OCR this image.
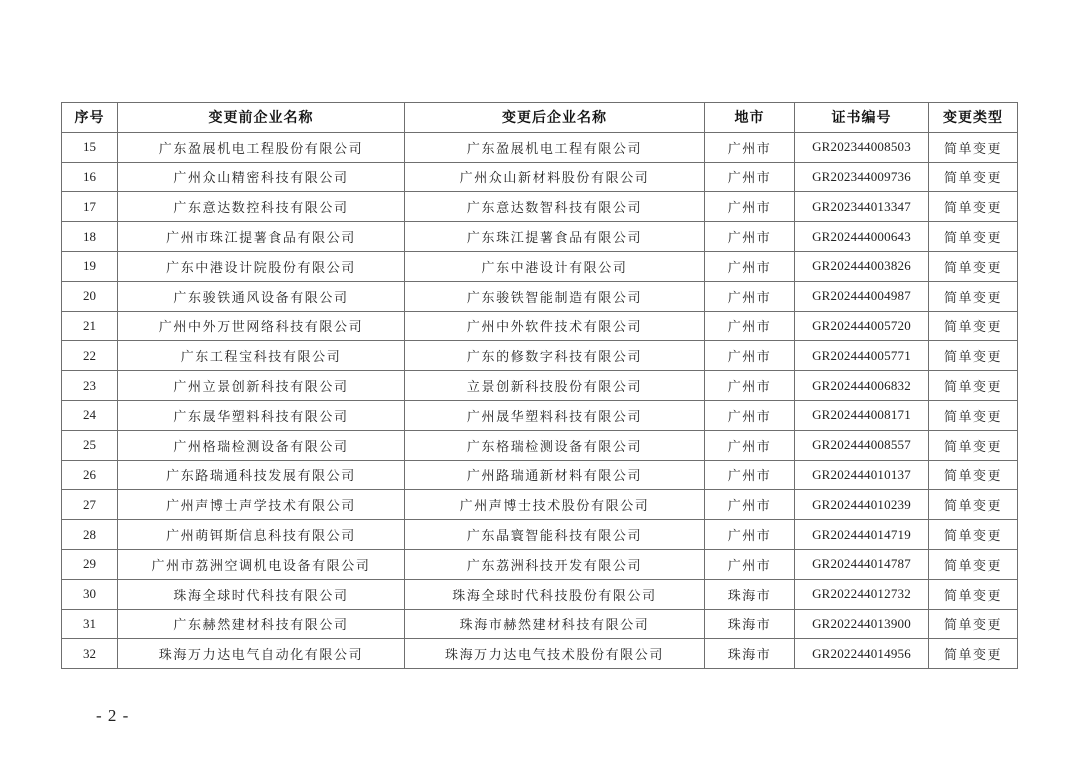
序号	变更前企业名称	变更后企业名称	地市	证书编号	变更类型
15	广东盈展机电工程股份有限公司	广东盈展机电工程有限公司	广州市	GR202344008503	简单变更
16	广州众山精密科技有限公司	广州众山新材料股份有限公司	广州市	GR202344009736	简单变更
17	广东意达数控科技有限公司	广东意达数智科技有限公司	广州市	GR202344013347	简单变更
18	广州市珠江提薯食品有限公司	广东珠江提薯食品有限公司	广州市	GR202444000643	简单变更
19	广东中港设计院股份有限公司	广东中港设计有限公司	广州市	GR202444003826	简单变更
20	广东骏铁通风设备有限公司	广东骏铁智能制造有限公司	广州市	GR202444004987	简单变更
21	广州中外万世网络科技有限公司	广州中外软件技术有限公司	广州市	GR202444005720	简单变更
22	广东工程宝科技有限公司	广东的修数字科技有限公司	广州市	GR202444005771	简单变更
23	广州立景创新科技有限公司	立景创新科技股份有限公司	广州市	GR202444006832	简单变更
24	广东晟华塑料科技有限公司	广州晟华塑料科技有限公司	广州市	GR202444008171	简单变更
25	广州格瑞检测设备有限公司	广东格瑞检测设备有限公司	广州市	GR202444008557	简单变更
26	广东路瑞通科技发展有限公司	广州路瑞通新材料有限公司	广州市	GR202444010137	简单变更
27	广州声博士声学技术有限公司	广州声博士技术股份有限公司	广州市	GR202444010239	简单变更
28	广州萌铒斯信息科技有限公司	广东晶寰智能科技有限公司	广州市	GR202444014719	简单变更
29	广州市荔洲空调机电设备有限公司	广东荔洲科技开发有限公司	广州市	GR202444014787	简单变更
30	珠海全球时代科技有限公司	珠海全球时代科技股份有限公司	珠海市	GR202244012732	简单变更
31	广东赫然建材科技有限公司	珠海市赫然建材科技有限公司	珠海市	GR202244013900	简单变更
32	珠海万力达电气自动化有限公司	珠海万力达电气技术股份有限公司	珠海市	GR202244014956	简单变更
- 2 -
